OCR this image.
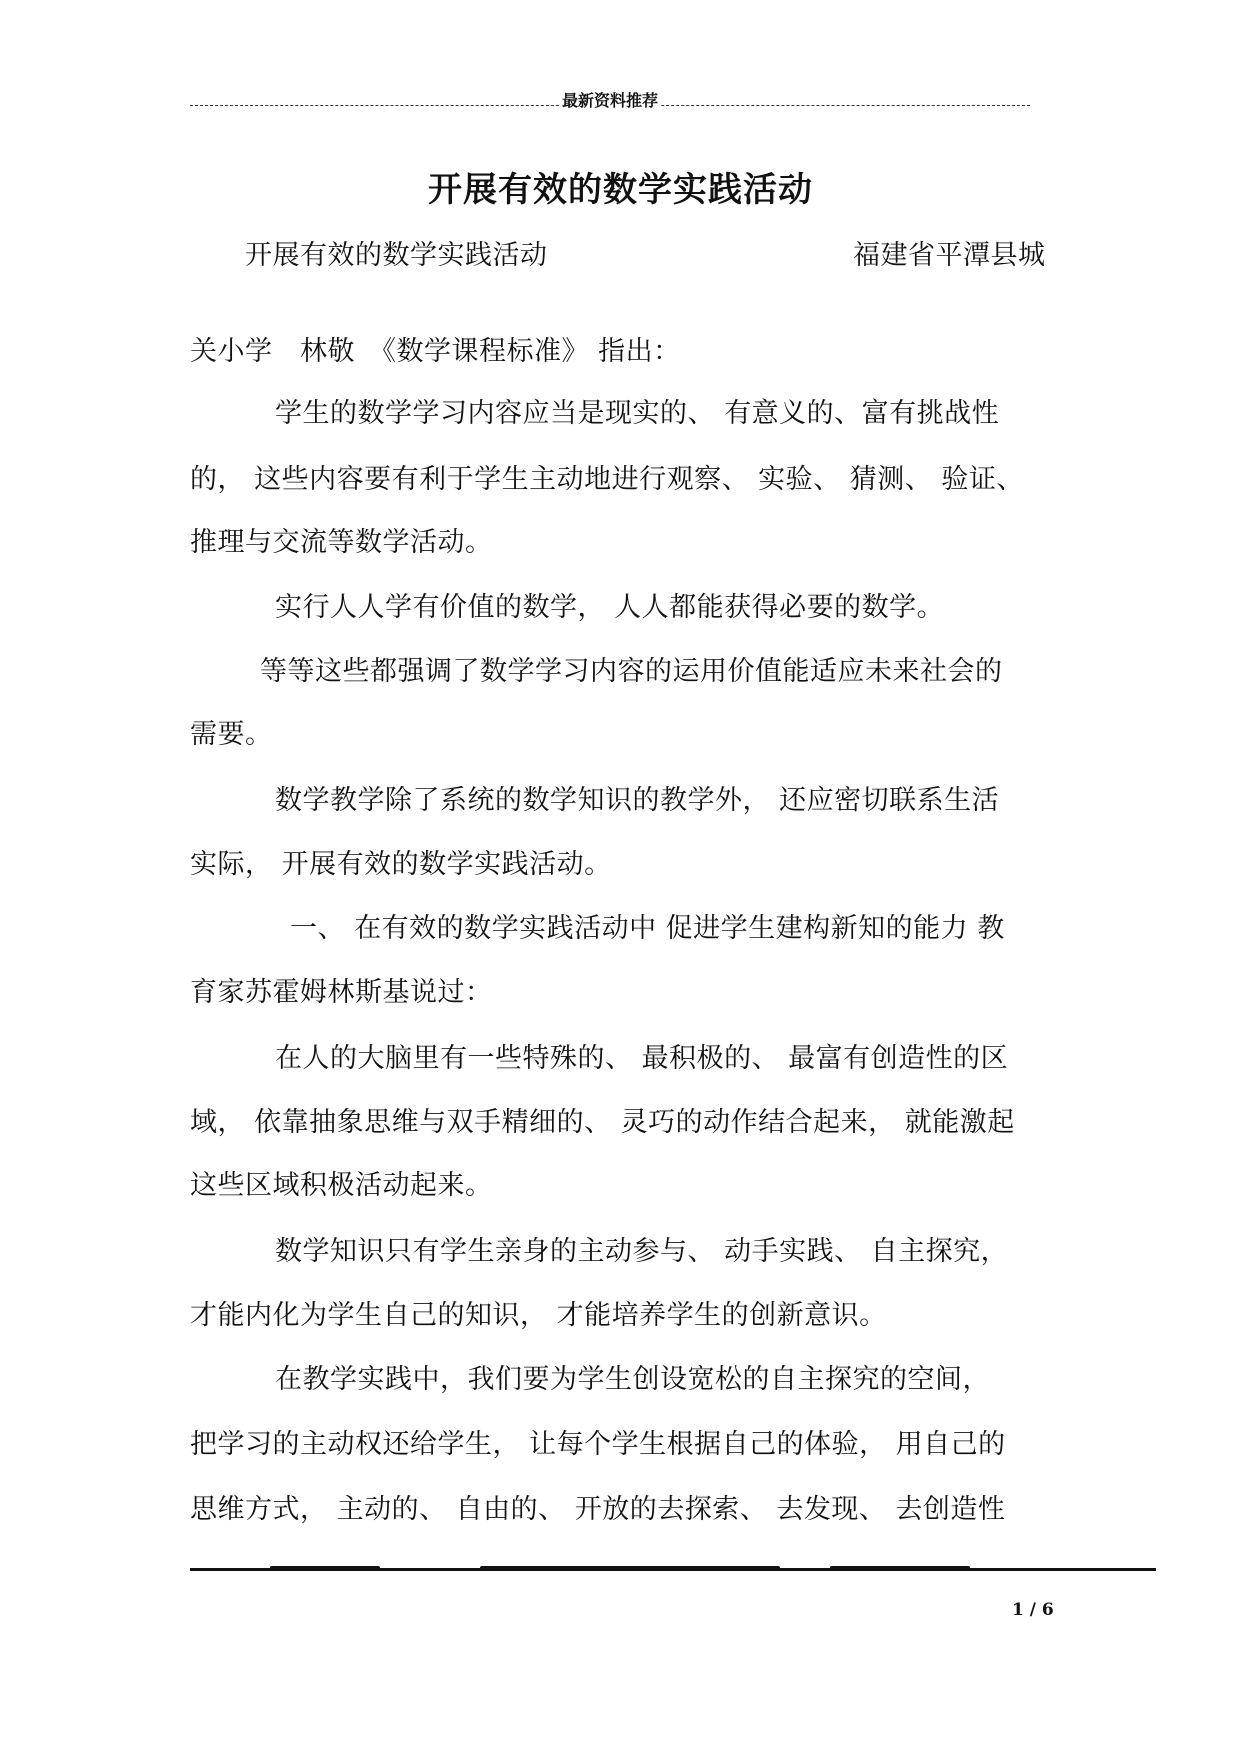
最新资料推荐
开展有效的数学实践活动
开展有效的数学实践活动	福建省平潭县城
关小学　林敬　《数学课程标准》 指出：
学生的数学学习内容应当是现实的、 有意义的、富有挑战性
的， 这些内容要有利于学生主动地进行观察、 实验、 猜测、 验证、
推理与交流等数学活动。
实行人人学有价值的数学， 人人都能获得必要的数学。
等等这些都强调了数学学习内容的运用价值能适应未来社会的
需要。
数学教学除了系统的数学知识的教学外， 还应密切联系生活
实际， 开展有效的数学实践活动。
一、 在有效的数学实践活动中 促进学生建构新知的能力 教
育家苏霍姆林斯基说过：
在人的大脑里有一些特殊的、 最积极的、 最富有创造性的区
域， 依靠抽象思维与双手精细的、 灵巧的动作结合起来， 就能激起
这些区域积极活动起来。
数学知识只有学生亲身的主动参与、 动手实践、 自主探究，
才能内化为学生自己的知识， 才能培养学生的创新意识。
在教学实践中，我们要为学生创设宽松的自主探究的空间，
把学习的主动权还给学生， 让每个学生根据自己的体验， 用自己的
思维方式， 主动的、 自由的、 开放的去探索、 去发现、 去创造性
1 / 6
